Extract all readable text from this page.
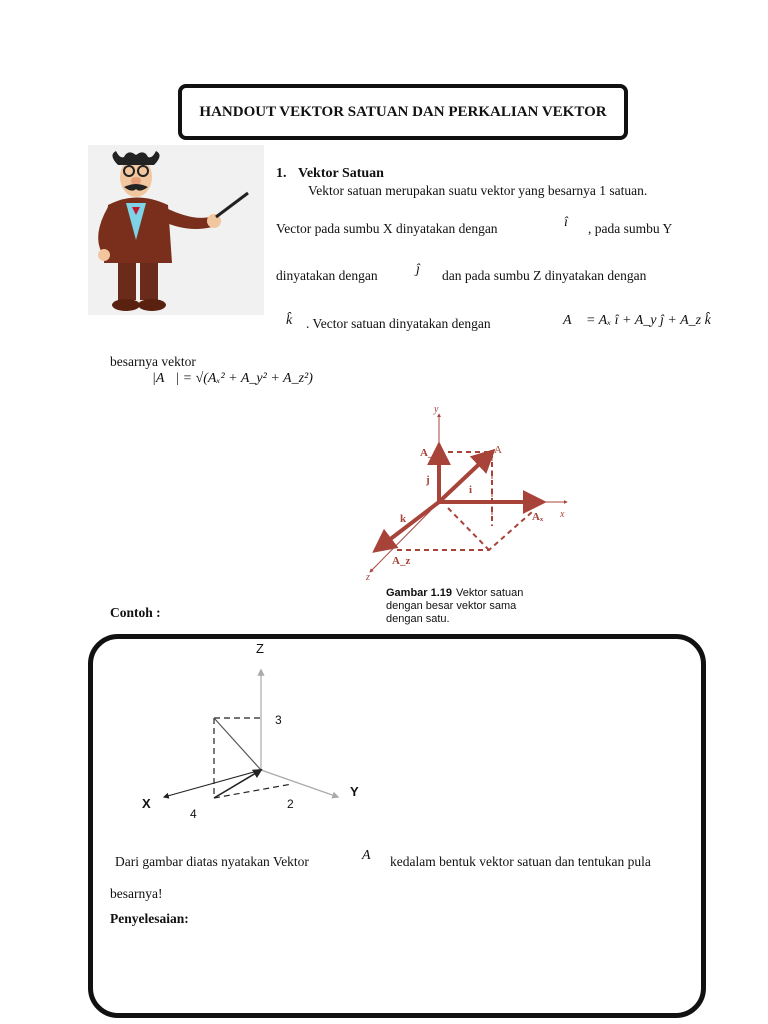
HANDOUT VEKTOR SATUAN DAN PERKALIAN VEKTOR
1. Vektor Satuan
Vektor satuan merupakan suatu vektor yang besarnya 1 satuan.
Vector pada sumbu X dinyatakan dengan	î , pada sumbu Y
dinyatakan dengan	ĵ dan pada sumbu Z dinyatakan dengan
k̂ . Vector satuan dinyatakan dengan	A⃗ = Aₓ î + A_y ĵ + A_z k̂
besarnya vektor
|A⃗| = √(Aₓ² + A_y² + A_z²)
y
x
z
A
A_y
Aₓ
A_z
i
j
k
Gambar 1.19 Vektor satuan
dengan besar vektor sama
dengan satu.
Contoh :
Z
3
X
4
2
Y
Dari gambar diatas nyatakan Vektor	A⃗ kedalam bentuk vektor satuan dan tentukan pula
besarnya!
Penyelesaian:
